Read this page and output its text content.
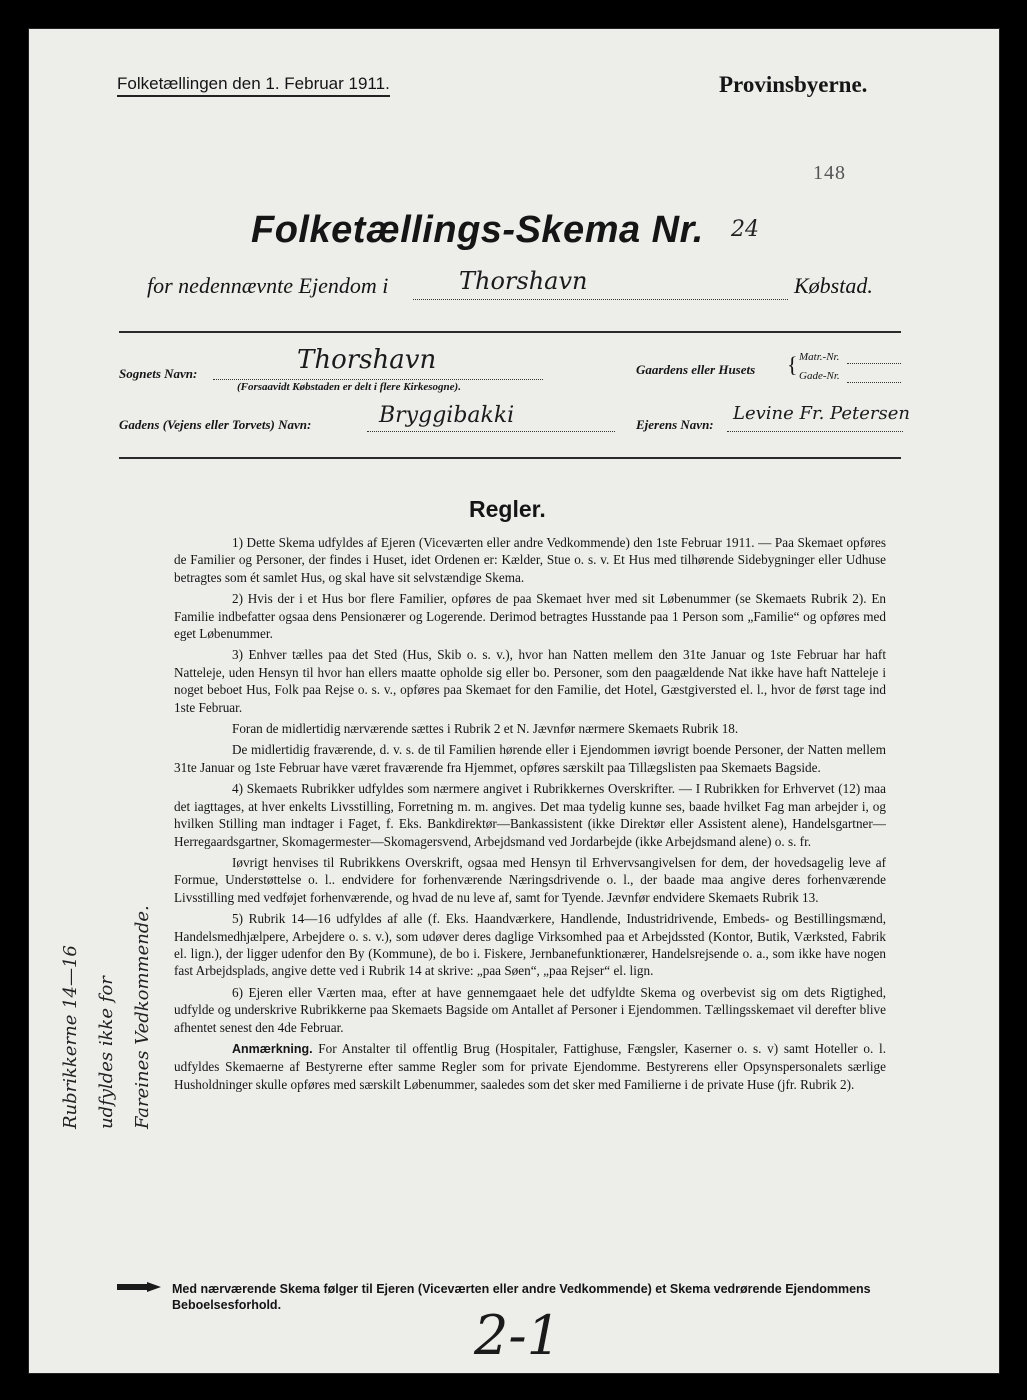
Folketællingen den 1. Februar 1911.	Provinsbyerne.
148
Folketællings-Skema Nr. 24
for nedennævnte Ejendom i	Thorshavn	Købstad.
Sognets Navn:	Thorshavn
(Forsaavidt Købstaden er delt i flere Kirkesogne).
Gaardens eller Husets { Matr.-Nr.
Gade-Nr.
Gadens (Vejens eller Torvets) Navn:	Bryggibakki	Ejerens Navn:
Levine Fr. Petersen
Regler.

1) Dette Skema udfyldes af Ejeren (Viceværten eller andre Vedkommende) den 1ste Februar 1911. — Paa Skemaet opføres de Familier og Personer, der findes i Huset, idet Ordenen er: Kælder, Stue o. s. v. Et Hus med tilhørende Sidebygninger eller Udhuse betragtes som ét samlet Hus, og skal have sit selvstændige Skema.

2) Hvis der i et Hus bor flere Familier, opføres de paa Skemaet hver med sit Løbenummer (se Skemaets Rubrik 2). En Familie indbefatter ogsaa dens Pensionærer og Logerende. Derimod betragtes Husstande paa 1 Person som „Familie“ og opføres med eget Løbenummer.

3) Enhver tælles paa det Sted (Hus, Skib o. s. v.), hvor han Natten mellem den 31te Januar og 1ste Februar har haft Natteleje, uden Hensyn til hvor han ellers maatte opholde sig eller bo. Personer, som den paagældende Nat ikke have haft Natteleje i noget beboet Hus, Folk paa Rejse o. s. v., opføres paa Skemaet for den Familie, det Hotel, Gæstgiversted el. l., hvor de først tage ind 1ste Februar.

Foran de midlertidig nærværende sættes i Rubrik 2 et N. Jævnfør nærmere Skemaets Rubrik 18.

De midlertidig fraværende, d. v. s. de til Familien hørende eller i Ejendommen iøvrigt boende Personer, der Natten mellem 31te Januar og 1ste Februar have været fraværende fra Hjemmet, opføres særskilt paa Tillægslisten paa Skemaets Bagside.

4) Skemaets Rubrikker udfyldes som nærmere angivet i Rubrikkernes Overskrifter. — I Rubrikken for Erhvervet (12) maa det iagttages, at hver enkelts Livsstilling, Forretning m. m. angives. Det maa tydelig kunne ses, baade hvilket Fag man arbejder i, og hvilken Stilling man indtager i Faget, f. Eks. Bankdirektør—Bankassistent (ikke Direktør eller Assistent alene), Handelsgartner—Herregaardsgartner, Skomagermester—Skomagersvend, Arbejdsmand ved Jordarbejde (ikke Arbejdsmand alene) o. s. fr.

Iøvrigt henvises til Rubrikkens Overskrift, ogsaa med Hensyn til Erhvervsangivelsen for dem, der hovedsagelig leve af Formue, Understøttelse o. l.. endvidere for forhenværende Næringsdrivende o. l., der baade maa angive deres forhenværende Livsstilling med vedføjet forhenværende, og hvad de nu leve af, samt for Tyende. Jævnfør endvidere Skemaets Rubrik 13.

5) Rubrik 14—16 udfyldes af alle (f. Eks. Haandværkere, Handlende, Industridrivende, Embeds- og Bestillingsmænd, Handelsmedhjælpere, Arbejdere o. s. v.), som udøver deres daglige Virksomhed paa et Arbejdssted (Kontor, Butik, Værksted, Fabrik el. lign.), der ligger udenfor den By (Kommune), de bo i. Fiskere, Jernbanefunktionærer, Handelsrejsende o. a., som ikke have nogen fast Arbejdsplads, angive dette ved i Rubrik 14 at skrive: „paa Søen“, „paa Rejser“ el. lign.

6) Ejeren eller Værten maa, efter at have gennemgaaet hele det udfyldte Skema og overbevist sig om dets Rigtighed, udfylde og underskrive Rubrikkerne paa Skemaets Bagside om Antallet af Personer i Ejendommen. Tællingsskemaet vil derefter blive afhentet senest den 4de Februar.

Anmærkning. For Anstalter til offentlig Brug (Hospitaler, Fattighuse, Fængsler, Kaserner o. s. v) samt Hoteller o. l. udfyldes Skemaerne af Bestyrerne efter samme Regler som for private Ejendomme. Bestyrerens eller Opsynspersonalets særlige Husholdninger skulle opføres med særskilt Løbenummer, saaledes som det sker med Familierne i de private Huse (jfr. Rubrik 2).

Rubrikkerne 14—16 udfyldes ikke for Fareines Vedkommende.
Med nærværende Skema følger til Ejeren (Viceværten eller andre Vedkommende) et Skema vedrørende Ejendommens Beboelsesforhold.	2-1
